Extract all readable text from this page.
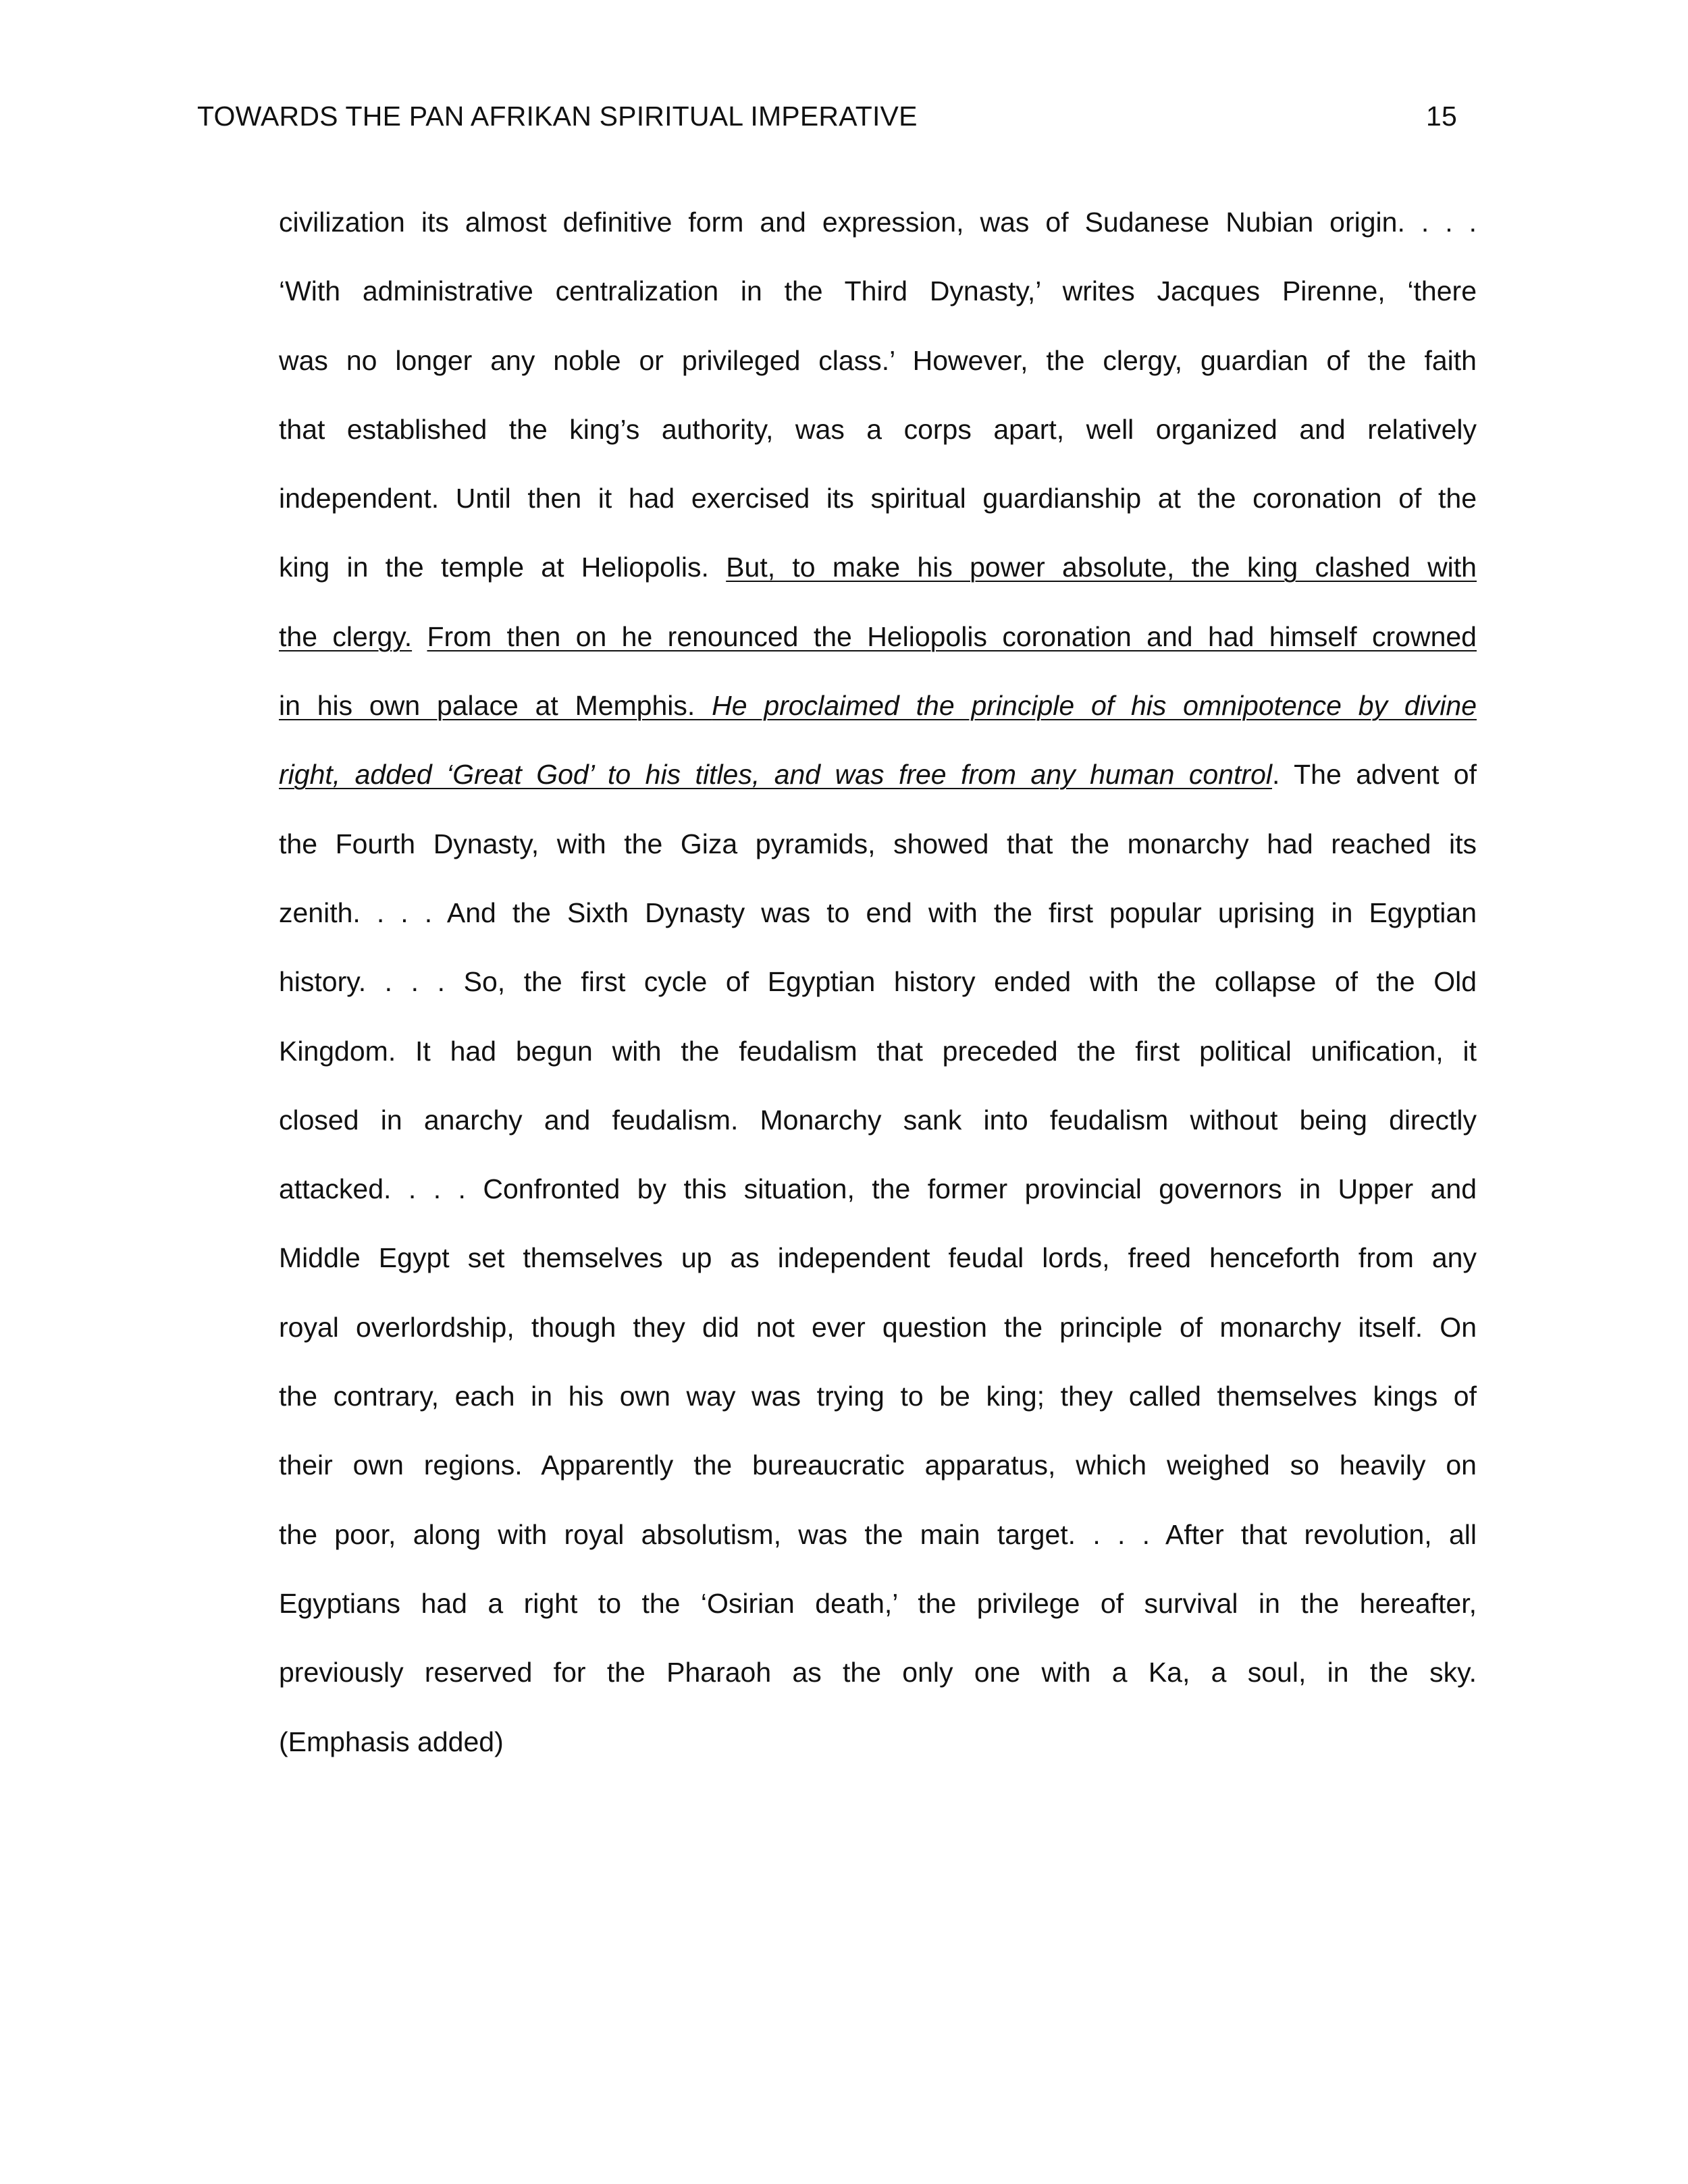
TOWARDS THE PAN AFRIKAN SPIRITUAL IMPERATIVE	15
civilization its almost definitive form and expression, was of Sudanese Nubian origin. . . .
‘With administrative centralization in the Third Dynasty,’ writes Jacques Pirenne, ‘there
was no longer any noble or privileged class.’ However, the clergy, guardian of the faith
that established the king’s authority, was a corps apart, well organized and relatively
independent. Until then it had exercised its spiritual guardianship at the coronation of the
king in the temple at Heliopolis. But, to make his power absolute, the king clashed with
the clergy. From then on he renounced the Heliopolis coronation and had himself crowned
in his own palace at Memphis. He proclaimed the principle of his omnipotence by divine
right, added ‘Great God’ to his titles, and was free from any human control. The advent of
the Fourth Dynasty, with the Giza pyramids, showed that the monarchy had reached its
zenith. . . . And the Sixth Dynasty was to end with the first popular uprising in Egyptian
history. . . . So, the first cycle of Egyptian history ended with the collapse of the Old
Kingdom. It had begun with the feudalism that preceded the first political unification, it
closed in anarchy and feudalism. Monarchy sank into feudalism without being directly
attacked. . . . Confronted by this situation, the former provincial governors in Upper and
Middle Egypt set themselves up as independent feudal lords, freed henceforth from any
royal overlordship, though they did not ever question the principle of monarchy itself. On
the contrary, each in his own way was trying to be king; they called themselves kings of
their own regions. Apparently the bureaucratic apparatus, which weighed so heavily on
the poor, along with royal absolutism, was the main target. . . . After that revolution, all
Egyptians had a right to the ‘Osirian death,’ the privilege of survival in the hereafter,
previously reserved for the Pharaoh as the only one with a Ka, a soul, in the sky.
(Emphasis added)
